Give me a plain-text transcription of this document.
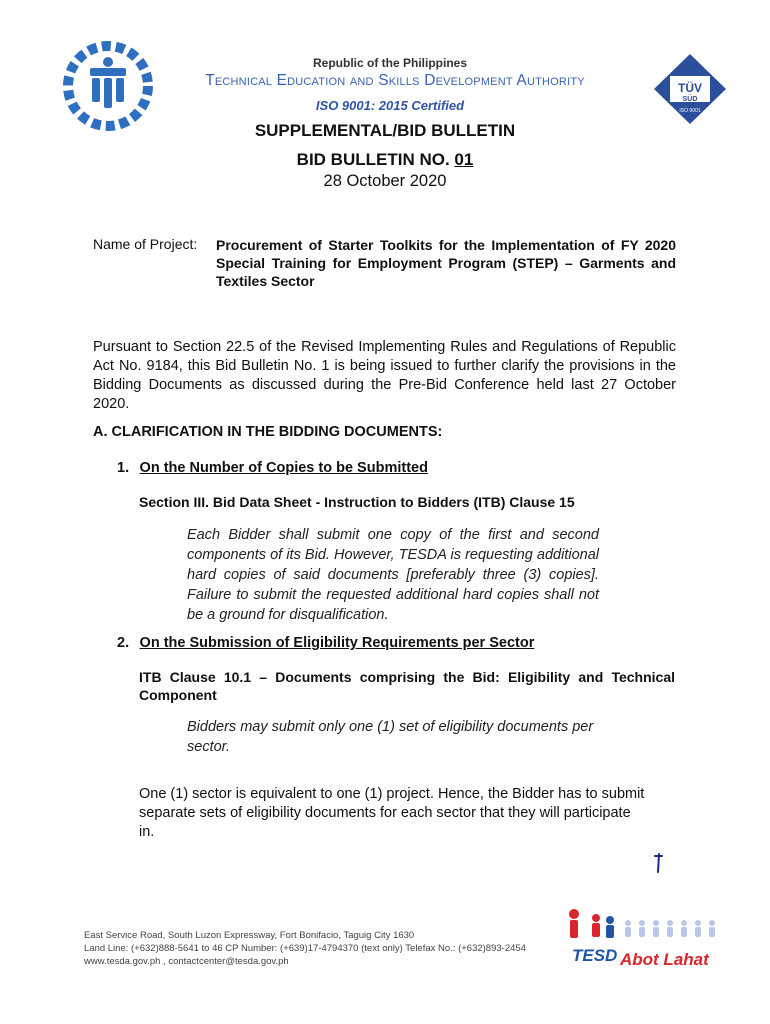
Republic of the Philippines
Technical Education and Skills Development Authority
ISO 9001: 2015 Certified
TÜV
SÜD
ISO 9001
SUPPLEMENTAL/BID BULLETIN
BID BULLETIN NO. 01
28 October 2020
Name of Project: Procurement of Starter Toolkits for the Implementation of FY 2020 Special Training for Employment Program (STEP) – Garments and Textiles Sector
Pursuant to Section 22.5 of the Revised Implementing Rules and Regulations of Republic Act No. 9184, this Bid Bulletin No. 1 is being issued to further clarify the provisions in the Bidding Documents as discussed during the Pre-Bid Conference held last 27 October 2020.
A. CLARIFICATION IN THE BIDDING DOCUMENTS:
1. On the Number of Copies to be Submitted
Section III. Bid Data Sheet - Instruction to Bidders (ITB) Clause 15
Each Bidder shall submit one copy of the first and second components of its Bid. However, TESDA is requesting additional hard copies of said documents [preferably three (3) copies]. Failure to submit the requested additional hard copies shall not be a ground for disqualification.
2. On the Submission of Eligibility Requirements per Sector
ITB Clause 10.1 – Documents comprising the Bid: Eligibility and Technical Component
Bidders may submit only one (1) set of eligibility documents per sector.
One (1) sector is equivalent to one (1) project. Hence, the Bidder has to submit separate sets of eligibility documents for each sector that they will participate in.
East Service Road, South Luzon Expressway, Fort Bonifacio, Taguig City 1630
Land Line: (+632)888-5641 to 46 CP Number: (+639)17-4794370 (text only) Telefax No.: (+632)893-2454
www.tesda.gov.ph , contactcenter@tesda.gov.ph	TESD Abot Lahat
